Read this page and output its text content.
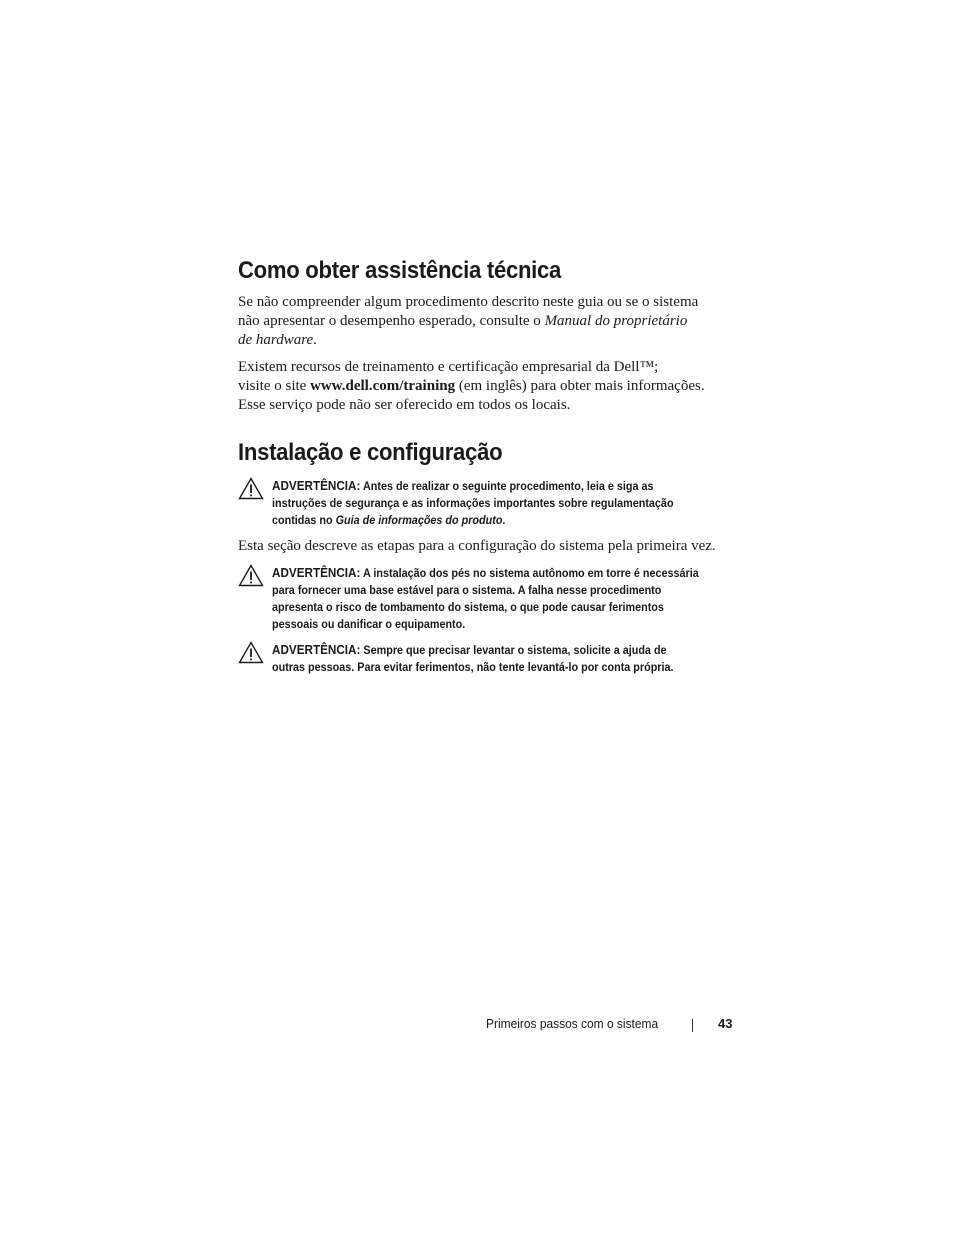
Como obter assistência técnica

Se não compreender algum procedimento descrito neste guia ou se o sistema
não apresentar o desempenho esperado, consulte o Manual do proprietário
de hardware.

Existem recursos de treinamento e certificação empresarial da Dell™;
visite o site www.dell.com/training (em inglês) para obter mais informações.
Esse serviço pode não ser oferecido em todos os locais.

Instalação e configuração
ADVERTÊNCIA: Antes de realizar o seguinte procedimento, leia e siga as
instruções de segurança e as informações importantes sobre regulamentação
contidas no Guia de informações do produto.

Esta seção descreve as etapas para a configuração do sistema pela primeira vez.

ADVERTÊNCIA: A instalação dos pés no sistema autônomo em torre é necessária
para fornecer uma base estável para o sistema. A falha nesse procedimento
apresenta o risco de tombamento do sistema, o que pode causar ferimentos
pessoais ou danificar o equipamento.
ADVERTÊNCIA: Sempre que precisar levantar o sistema, solicite a ajuda de
outras pessoas. Para evitar ferimentos, não tente levantá-lo por conta própria.
Primeiros passos com o sistema	43
